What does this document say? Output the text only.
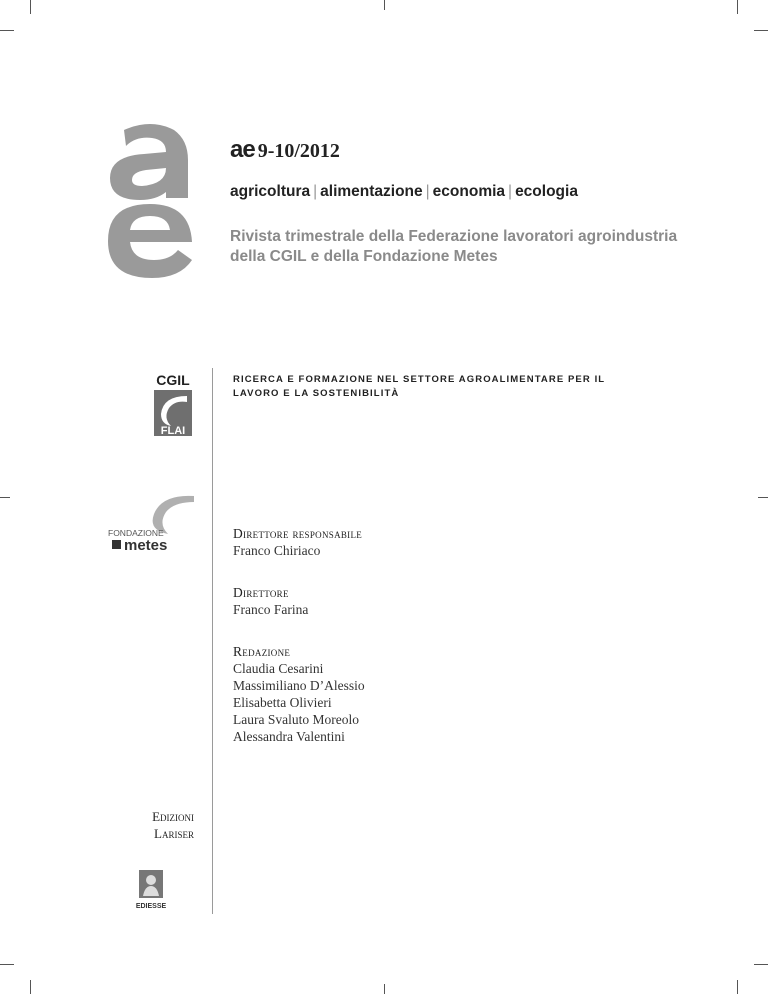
ae 9-10/2012
agricoltura | alimentazione | economia | ecologia
Rivista trimestrale della Federazione lavoratori agroindustria della CGIL e della Fondazione Metes
RICERCA E FORMAZIONE NEL SETTORE AGROALIMENTARE PER IL LAVORO E LA SOSTENIBILITÀ
CGIL
FLAI
FONDAZIONE
metes
Direttore responsabile
Franco Chiriaco
Direttore
Franco Farina
Redazione
Claudia Cesarini
Massimiliano D’Alessio
Elisabetta Olivieri
Laura Svaluto Moreolo
Alessandra Valentini
Edizioni
Lariser
EDIESSE
